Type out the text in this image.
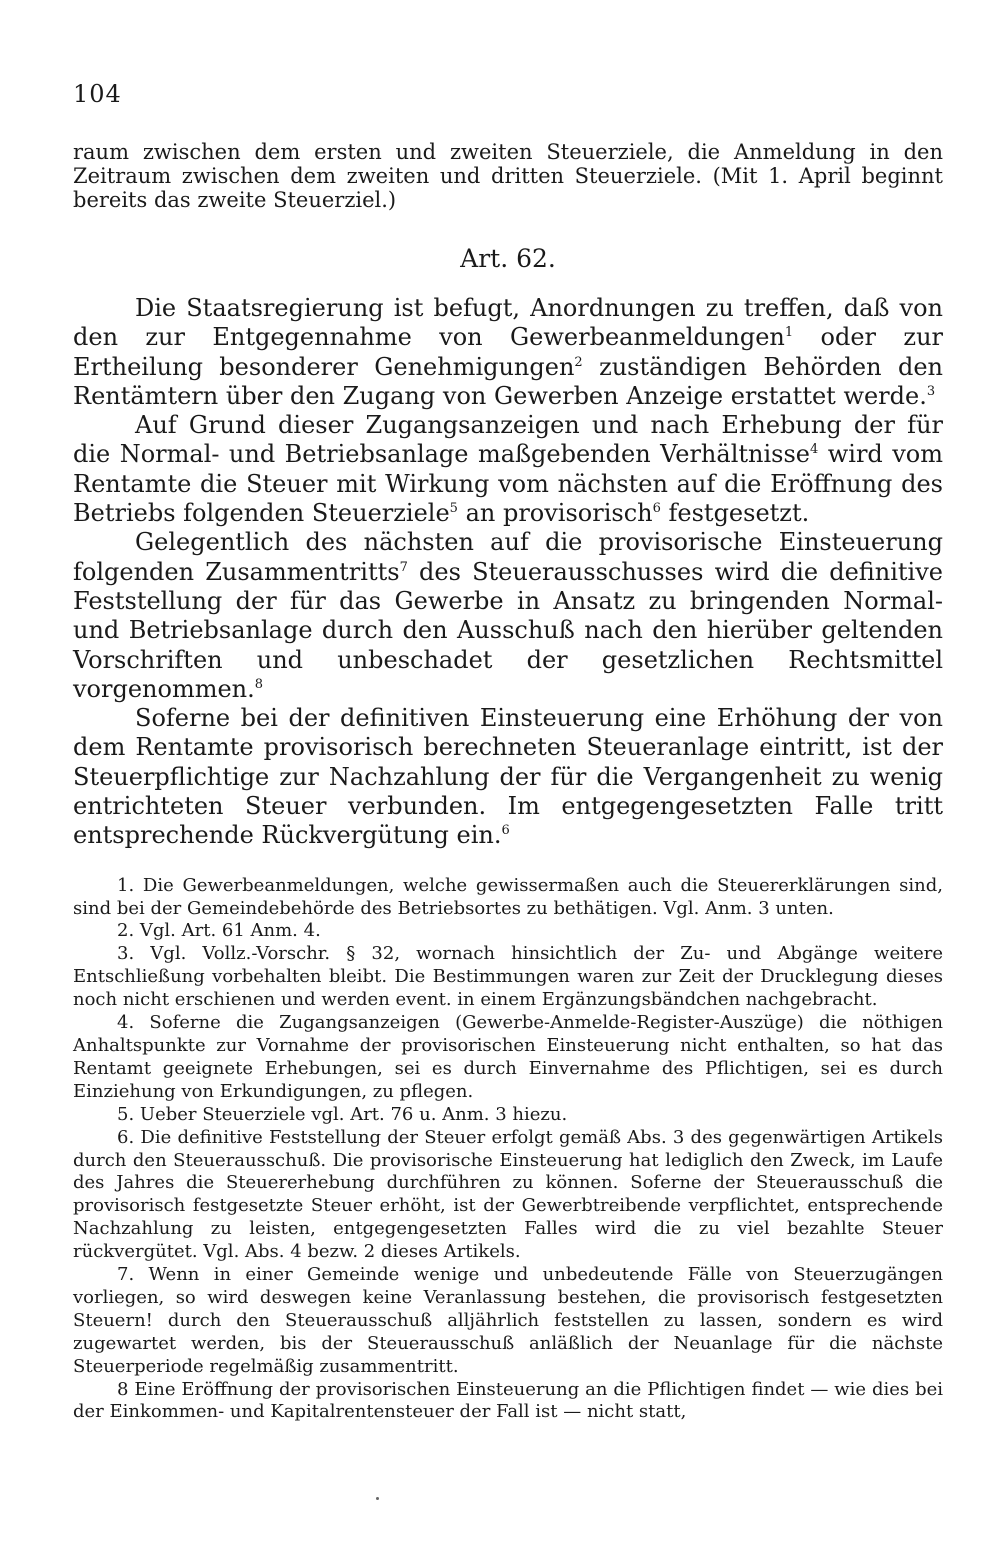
104

raum zwischen dem ersten und zweiten Steuerziele, die Anmeldung in den Zeitraum zwischen dem zweiten und dritten Steuerziele. (Mit 1. April beginnt bereits das zweite Steuerziel.)

Art. 62.

Die Staatsregierung ist befugt, Anordnungen zu treffen, daß von den zur Entgegennahme von Gewerbeanmeldungen$^1$ oder zur Ertheilung besonderer Genehmigungen$^2$ zuständigen Behörden den Rentämtern über den Zugang von Gewerben Anzeige erstattet werde.$^3$

Auf Grund dieser Zugangsanzeigen und nach Erhebung der für die Normal- und Betriebsanlage maßgebenden Verhältnisse$^4$ wird vom Rentamte die Steuer mit Wirkung vom nächsten auf die Eröffnung des Betriebs folgenden Steuerziele$^5$ an provisorisch$^6$ festgesetzt.

Gelegentlich des nächsten auf die provisorische Einsteuerung folgenden Zusammentritts$^7$ des Steuerausschusses wird die definitive Feststellung der für das Gewerbe in Ansatz zu bringenden Normal- und Betriebsanlage durch den Ausschuß nach den hierüber geltenden Vorschriften und unbeschadet der gesetzlichen Rechtsmittel vorgenommen.$^8$

Soferne bei der definitiven Einsteuerung eine Erhöhung der von dem Rentamte provisorisch berechneten Steueranlage eintritt, ist der Steuerpflichtige zur Nachzahlung der für die Vergangenheit zu wenig entrichteten Steuer verbunden. Im entgegengesetzten Falle tritt entsprechende Rückvergütung ein.$^6$

1. Die Gewerbeanmeldungen, welche gewissermaßen auch die Steuererklärungen sind, sind bei der Gemeindebehörde des Betriebsortes zu bethätigen. Vgl. Anm. 3 unten.

2. Vgl. Art. 61 Anm. 4.

3. Vgl. Vollz.-Vorschr. § 32, wornach hinsichtlich der Zu- und Abgänge weitere Entschließung vorbehalten bleibt. Die Bestimmungen waren zur Zeit der Drucklegung dieses noch nicht erschienen und werden event. in einem Ergänzungsbändchen nachgebracht.

4. Soferne die Zugangsanzeigen (Gewerbe-Anmelde-Register-Auszüge) die nöthigen Anhaltspunkte zur Vornahme der provisorischen Einsteuerung nicht enthalten, so hat das Rentamt geeignete Erhebungen, sei es durch Einvernahme des Pflichtigen, sei es durch Einziehung von Erkundigungen, zu pflegen.

5. Ueber Steuerziele vgl. Art. 76 u. Anm. 3 hiezu.

6. Die definitive Feststellung der Steuer erfolgt gemäß Abs. 3 des gegenwärtigen Artikels durch den Steuerausschuß. Die provisorische Einsteuerung hat lediglich den Zweck, im Laufe des Jahres die Steuererhebung durchführen zu können. Soferne der Steuerausschuß die provisorisch festgesetzte Steuer erhöht, ist der Gewerbtreibende verpflichtet, entsprechende Nachzahlung zu leisten, entgegengesetzten Falles wird die zu viel bezahlte Steuer rückvergütet. Vgl. Abs. 4 bezw. 2 dieses Artikels.

7. Wenn in einer Gemeinde wenige und unbedeutende Fälle von Steuerzugängen vorliegen, so wird deswegen keine Veranlassung bestehen, die provisorisch festgesetzten Steuern! durch den Steuerausschuß alljährlich feststellen zu lassen, sondern es wird zugewartet werden, bis der Steuerausschuß anläßlich der Neuanlage für die nächste Steuerperiode regelmäßig zusammentritt.

8 Eine Eröffnung der provisorischen Einsteuerung an die Pflichtigen findet — wie dies bei der Einkommen- und Kapitalrentensteuer der Fall ist — nicht statt,
